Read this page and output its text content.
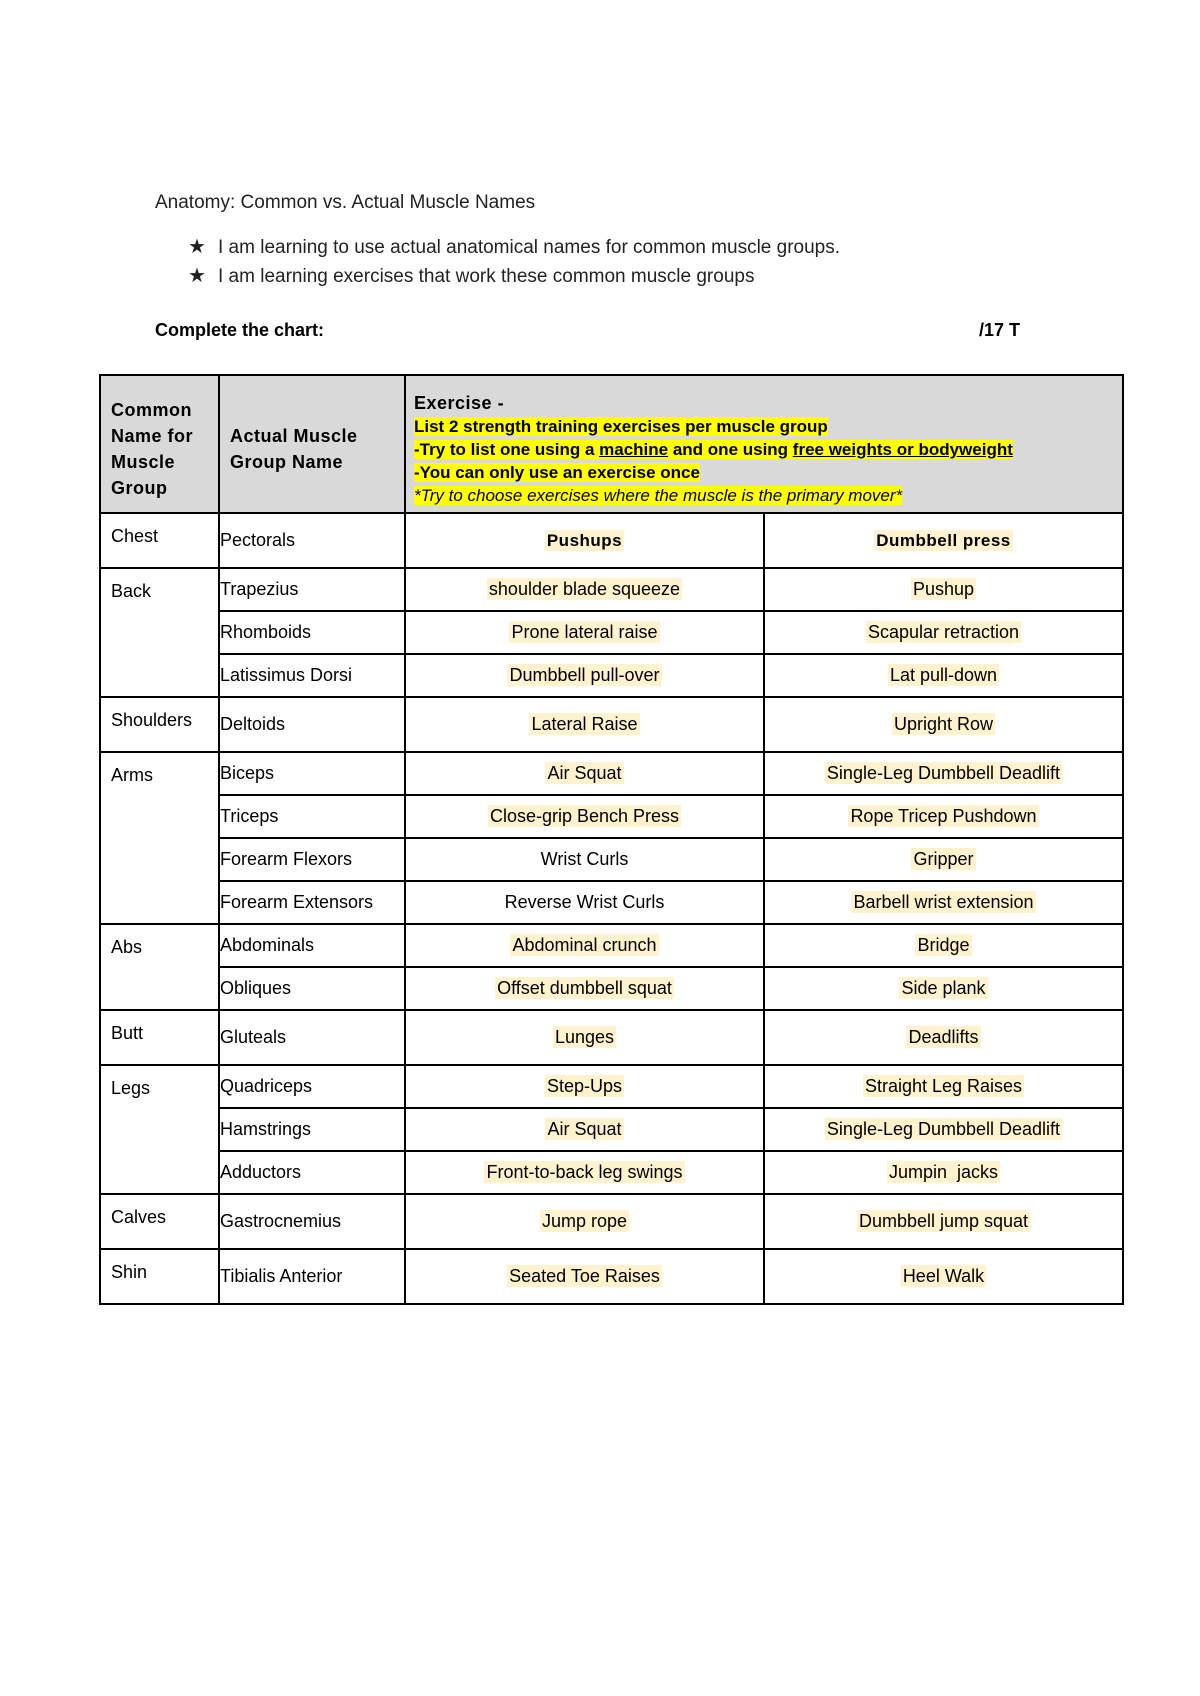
Anatomy: Common vs. Actual Muscle Names
★ I am learning to use actual anatomical names for common muscle groups.
★ I am learning exercises that work these common muscle groups
Complete the chart:	/17 T
Common Name for Muscle Group	Actual Muscle Group Name	Exercise -
List 2 strength training exercises per muscle group
-Try to list one using a machine and one using free weights or bodyweight
-You can only use an exercise once
*Try to choose exercises where the muscle is the primary mover*	

Chest	Pectorals	Pushups	Dumbbell press
Back	Trapezius	shoulder blade squeeze	Pushup
	Rhomboids	Prone lateral raise	Scapular retraction
	Latissimus Dorsi	Dumbbell pull-over	Lat pull-down
Shoulders	Deltoids	Lateral Raise	Upright Row
Arms	Biceps	Air Squat	Single-Leg Dumbbell Deadlift
	Triceps	Close-grip Bench Press	Rope Tricep Pushdown
	Forearm Flexors	Wrist Curls	Gripper
	Forearm Extensors	Reverse Wrist Curls	Barbell wrist extension
Abs	Abdominals	Abdominal crunch	Bridge
	Obliques	Offset dumbbell squat	Side plank
Butt	Gluteals	Lunges	Deadlifts
Legs	Quadriceps	Step-Ups	Straight Leg Raises
	Hamstrings	Air Squat	Single-Leg Dumbbell Deadlift
	Adductors	Front-to-back leg swings	Jumpin  jacks
Calves	Gastrocnemius	Jump rope	Dumbbell jump squat
Shin	Tibialis Anterior	Seated Toe Raises	Heel Walk
